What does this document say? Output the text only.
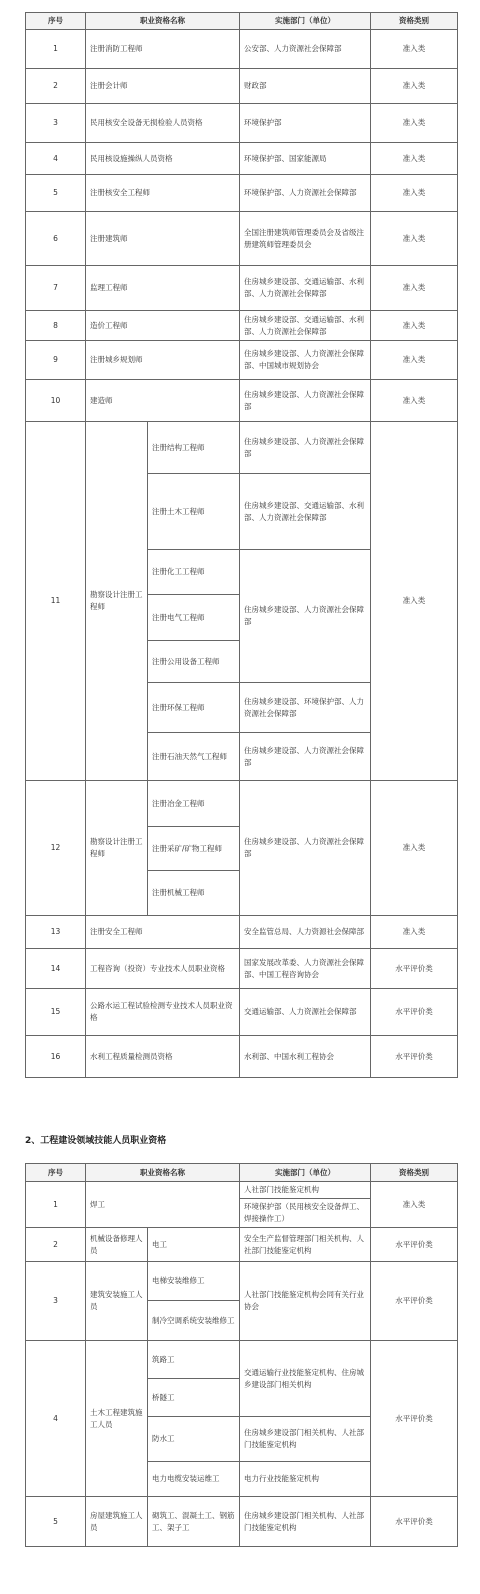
序号	职业资格名称		实施部门（单位）	资格类别
1	注册消防工程师		公安部、人力资源社会保障部	准入类
2	注册会计师		财政部	准入类
3	民用核安全设备无损检验人员资格		环境保护部	准入类
4	民用核设施操纵人员资格		环境保护部、国家能源局	准入类
5	注册核安全工程师		环境保护部、人力资源社会保障部	准入类
6	注册建筑师		全国注册建筑师管理委员会及省级注册建筑师管理委员会	准入类
7	监理工程师		住房城乡建设部、交通运输部、水利部、人力资源社会保障部	准入类
8	造价工程师		住房城乡建设部、交通运输部、水利部、人力资源社会保障部	准入类
9	注册城乡规划师		住房城乡建设部、人力资源社会保障部、中国城市规划协会	准入类
10	建造师		住房城乡建设部、人力资源社会保障部	准入类
11	勘察设计注册工程师	注册结构工程师	住房城乡建设部、人力资源社会保障部	准入类
		注册土木工程师	住房城乡建设部、交通运输部、水利部、人力资源社会保障部	
		注册化工工程师	住房城乡建设部、人力资源社会保障部	
		注册电气工程师		
		注册公用设备工程师		
		注册环保工程师	住房城乡建设部、环境保护部、人力资源社会保障部	
		注册石油天然气工程师	住房城乡建设部、人力资源社会保障部	
12	勘察设计注册工程师	注册冶金工程师	住房城乡建设部、人力资源社会保障部	准入类
		注册采矿/矿物工程师		
		注册机械工程师		
13	注册安全工程师		安全监管总局、人力资源社会保障部	准入类
14	工程咨询（投资）专业技术人员职业资格		国家发展改革委、人力资源社会保障部、中国工程咨询协会	水平评价类
15	公路水运工程试验检测专业技术人员职业资格		交通运输部、人力资源社会保障部	水平评价类
16	水利工程质量检测员资格		水利部、中国水利工程协会	水平评价类
2、工程建设领域技能人员职业资格
序号	职业资格名称		实施部门（单位）	资格类别
1	焊工		人社部门技能鉴定机构	准入类
			环境保护部（民用核安全设备焊工、焊接操作工）	
2	机械设备修理人员	电工	安全生产监督管理部门相关机构、人社部门技能鉴定机构	水平评价类
3	建筑安装施工人员	电梯安装维修工	人社部门技能鉴定机构会同有关行业协会	水平评价类
		制冷空调系统安装维修工		
4	土木工程建筑施工人员	筑路工	交通运输行业技能鉴定机构、住房城乡建设部门相关机构	水平评价类
		桥隧工		
		防水工	住房城乡建设部门相关机构、人社部门技能鉴定机构	
		电力电缆安装运维工	电力行业技能鉴定机构	
5	房屋建筑施工人员	砌筑工、混凝土工、钢筋工、架子工	住房城乡建设部门相关机构、人社部门技能鉴定机构	水平评价类
